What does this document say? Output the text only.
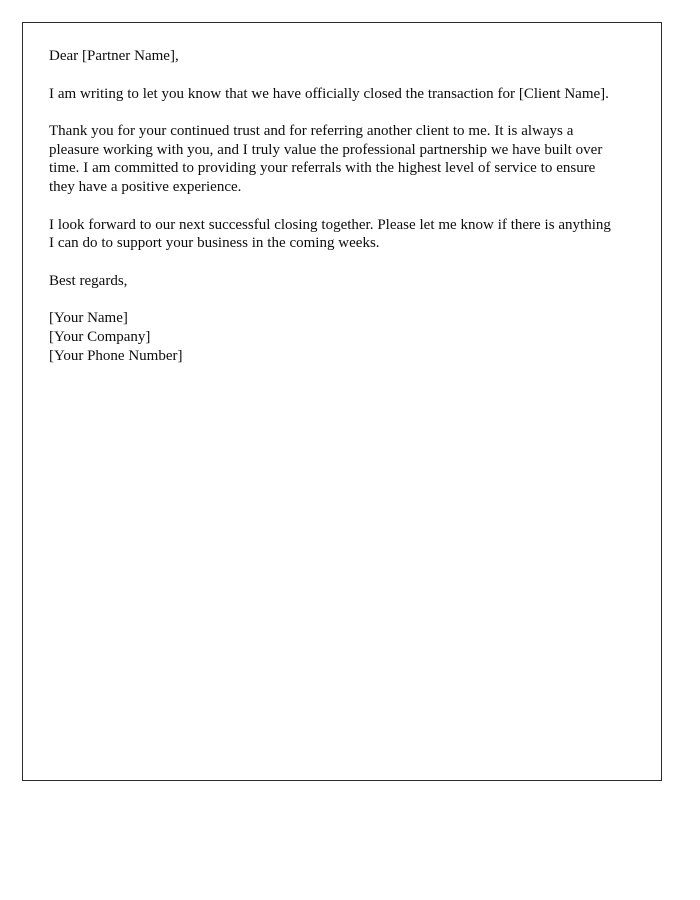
Dear [Partner Name],

I am writing to let you know that we have officially closed the transaction for [Client Name].

Thank you for your continued trust and for referring another client to me. It is always a pleasure working with you, and I truly value the professional partnership we have built over time. I am committed to providing your referrals with the highest level of service to ensure they have a positive experience.

I look forward to our next successful closing together. Please let me know if there is anything I can do to support your business in the coming weeks.

Best regards,

[Your Name]
[Your Company]
[Your Phone Number]
